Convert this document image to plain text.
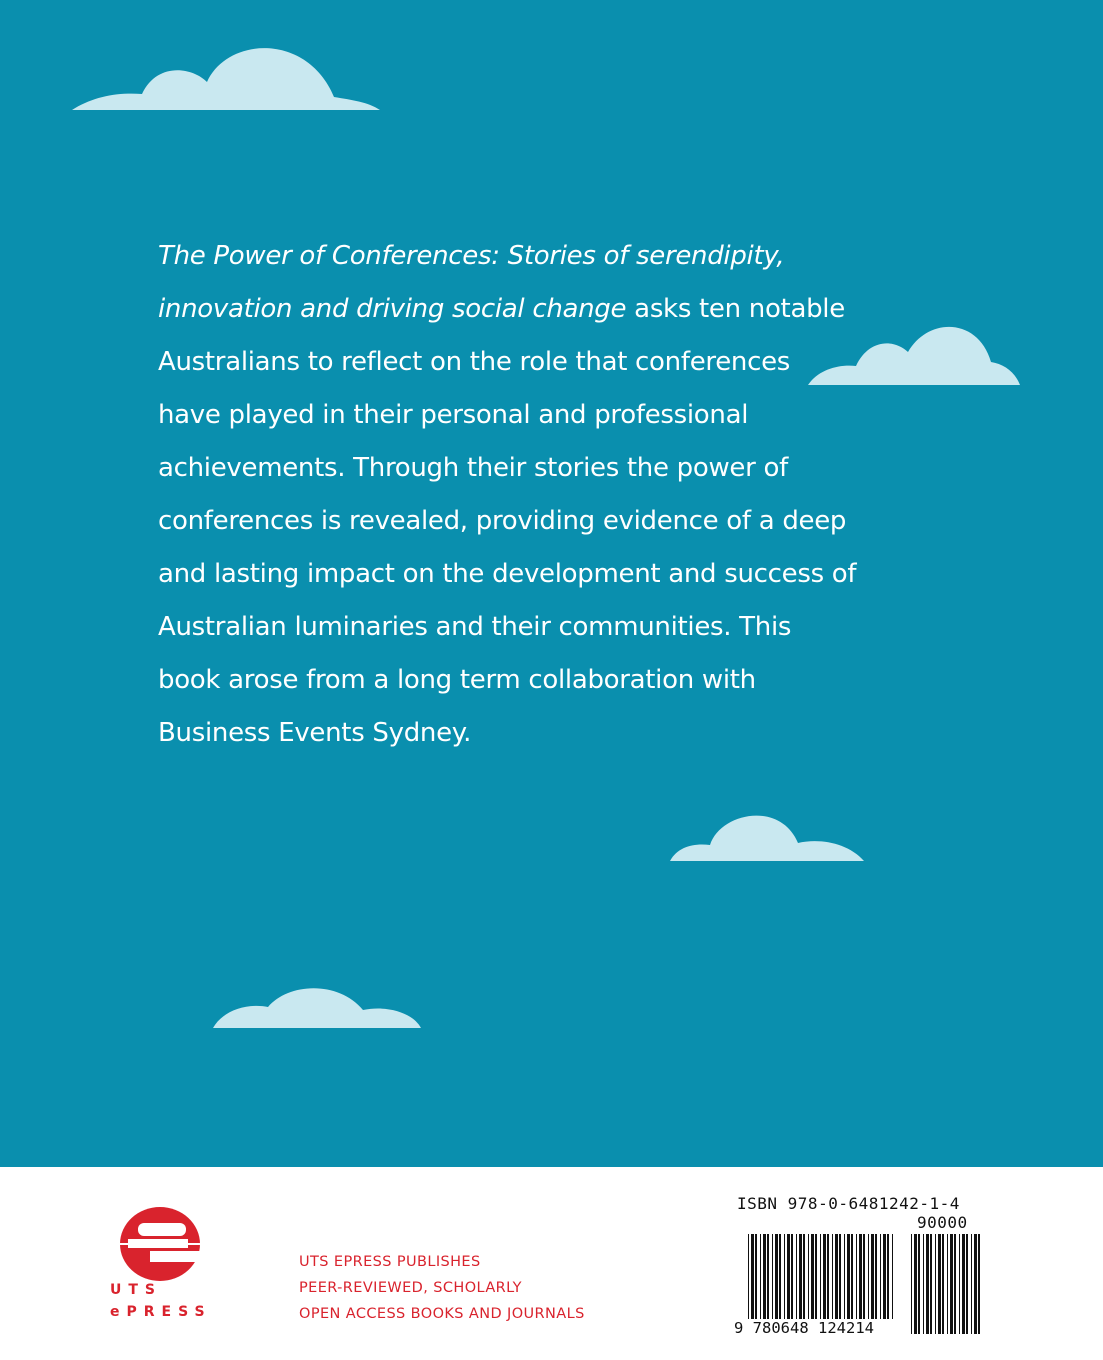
The Power of Conferences: Stories of serendipity, innovation and driving social change asks ten notable Australians to reflect on the role that conferences have played in their personal and professional achievements. Through their stories the power of conferences is revealed, providing evidence of a deep and lasting impact on the development and success of Australian luminaries and their communities. This book arose from a long term collaboration with Business Events Sydney.

UTS
ePRESS

UTS EPRESS PUBLISHES
PEER-REVIEWED, SCHOLARLY
OPEN ACCESS BOOKS AND JOURNALS

ISBN 978-0-6481242-1-4
90000
9 780648 124214
